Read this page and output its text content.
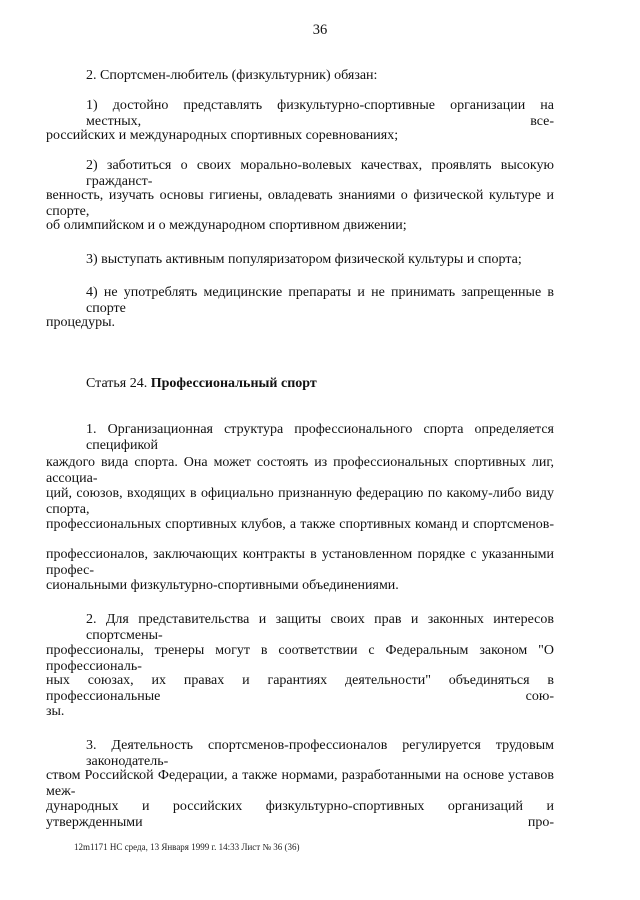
36
2. Спортсмен-любитель (физкультурник) обязан:
1) достойно представлять физкультурно-спортивные организации на местных, все-
российских и международных спортивных соревнованиях;
2) заботиться о своих морально-волевых качествах, проявлять высокую гражданст-
венность, изучать основы гигиены, овладевать знаниями о физической культуре и спорте,
об олимпийском и о международном спортивном движении;
3) выступать активным популяризатором физической культуры и спорта;
4) не употреблять медицинские препараты и не принимать запрещенные в спорте
процедуры.
Статья 24. Профессиональный спорт
1. Организационная структура профессионального спорта определяется спецификой
каждого вида спорта. Она может состоять из профессиональных спортивных лиг, ассоциа-
ций, союзов, входящих в официально признанную федерацию по какому-либо виду спорта,
профессиональных спортивных клубов, а также спортивных команд и спортсменов-
профессионалов, заключающих контракты в установленном порядке с указанными профес-
сиональными физкультурно-спортивными объединениями.
2. Для представительства и защиты своих прав и законных интересов спортсмены-
профессионалы, тренеры могут в соответствии с Федеральным законом "О профессиональ-
ных союзах, их правах и гарантиях деятельности" объединяться в профессиональные сою-
зы.
3. Деятельность спортсменов-профессионалов регулируется трудовым законодатель-
ством Российской Федерации, а также нормами, разработанными на основе уставов меж-
дународных и российских физкультурно-спортивных организаций и утвержденными про-
12m1171 HC среда, 13 Января 1999 г. 14:33 Лист № 36 (36)
